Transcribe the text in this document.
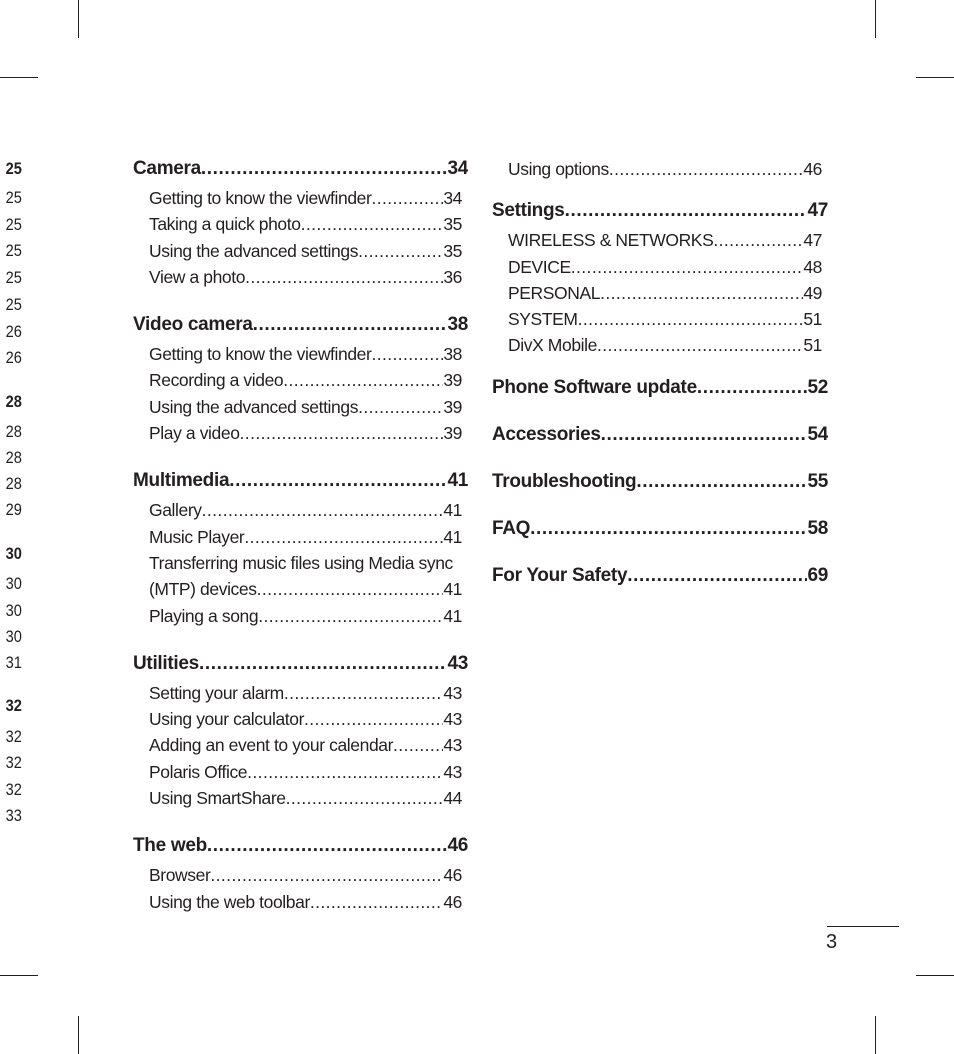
25
25
25
25
25
25
26
26
28
28
28
28
29
30
30
30
30
31
32
32
32
32
33
Camera .....	34
Getting to know the viewfinder .....	34
Taking a quick photo .....	35
Using the advanced settings .....	35
View a photo .....	36
Video camera .....	38
Getting to know the viewfinder .....	38
Recording a video .....	39
Using the advanced settings .....	39
Play a video .....	39
Multimedia .....	41
Gallery .....	41
Music Player .....	41
Transferring music files using Media sync
(MTP) devices .....	41
Playing a song .....	41
Utilities .....	43
Setting your alarm .....	43
Using your calculator .....	43
Adding an event to your calendar .....	43
Polaris Office .....	43
Using SmartShare .....	44
The web .....	46
Browser .....	46
Using the web toolbar .....	46
Using options .....	46
Settings .....	47
WIRELESS & NETWORKS .....	47
DEVICE .....	48
PERSONAL .....	49
SYSTEM .....	51
DivX Mobile .....	51
Phone Software update .....	52
Accessories .....	54
Troubleshooting .....	55
FAQ .....	58
For Your Safety .....	69
3
